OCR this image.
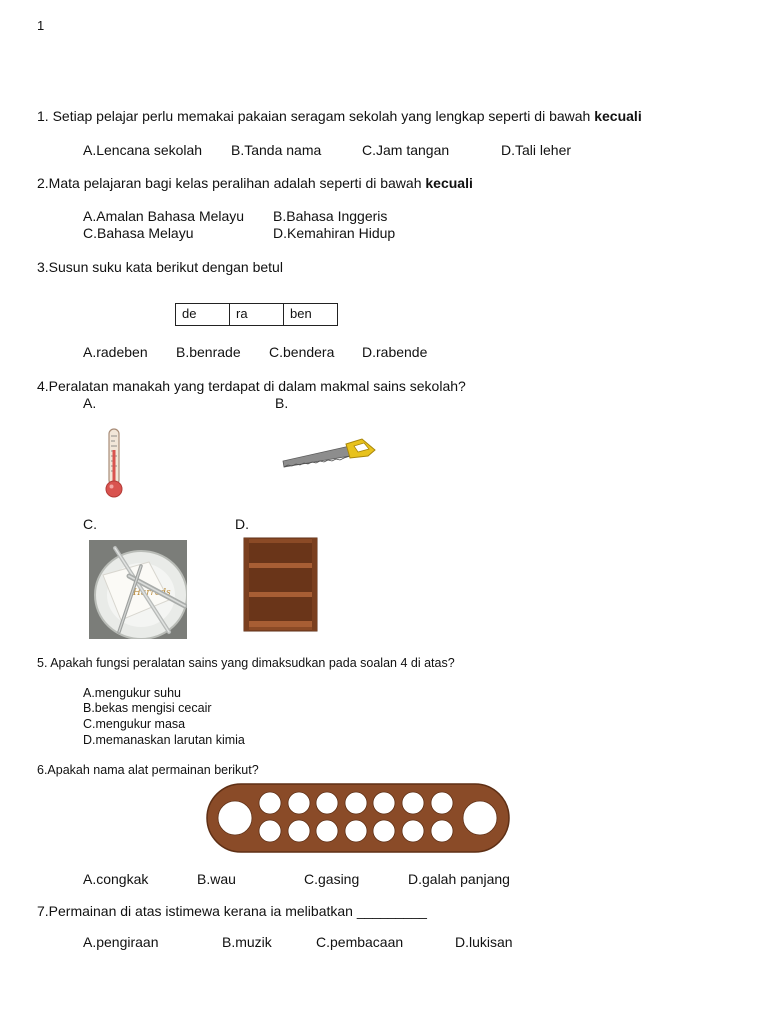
1
1. Setiap pelajar perlu memakai pakaian seragam sekolah yang lengkap seperti di bawah kecuali
A.Lencana sekolah B.Tanda nama	C.Jam tangan	D.Tali leher
2.Mata pelajaran bagi kelas peralihan adalah seperti di bawah kecuali
A.Amalan Bahasa Melayu B.Bahasa Inggeris
C.Bahasa Melayu	D.Kemahiran Hidup
3.Susun suku kata berikut dengan betul
de	ra	ben
A.radeben B.benrade C.bendera D.rabende
4.Peralatan manakah yang terdapat di dalam makmal sains sekolah?
A.	B.
C.	D.
Harrods
5. Apakah fungsi peralatan sains yang dimaksudkan pada soalan 4 di atas?
A.mengukur suhu
B.bekas mengisi cecair
C.mengukur masa
D.memanaskan larutan kimia
6.Apakah nama alat permainan berikut?
A.congkak	B.wau	C.gasing	D.galah panjang
7.Permainan di atas istimewa kerana ia melibatkan _________
A.pengiraan	B.muzik	C.pembacaan	D.lukisan
